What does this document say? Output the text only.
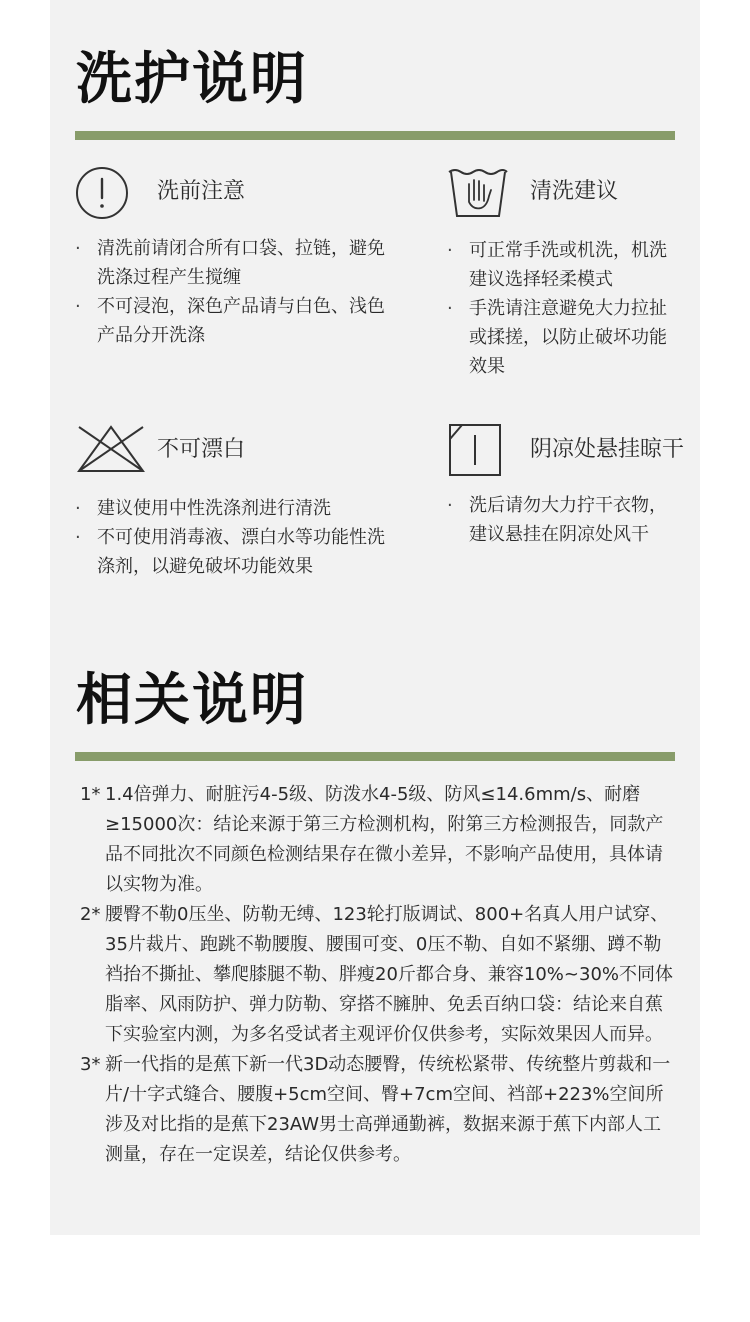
洗护说明
洗前注意
· 清洗前请闭合所有口袋、拉链，避免洗涤过程产生搅缠
· 不可浸泡，深色产品请与白色、浅色产品分开洗涤
清洗建议
· 可正常手洗或机洗，机洗建议选择轻柔模式
· 手洗请注意避免大力拉扯或揉搓，以防止破坏功能效果
不可漂白
· 建议使用中性洗涤剂进行清洗
· 不可使用消毒液、漂白水等功能性洗涤剂，以避免破坏功能效果
阴凉处悬挂晾干
· 洗后请勿大力拧干衣物，建议悬挂在阴凉处风干
相关说明
1* 1.4倍弹力、耐脏污4-5级、防泼水4-5级、防风≤14.6mm/s、耐磨≥15000次：结论来源于第三方检测机构，附第三方检测报告，同款产品不同批次不同颜色检测结果存在微小差异，不影响产品使用，具体请以实物为准。
2* 腰臀不勒0压坐、防勒无缚、123轮打版调试、800+名真人用户试穿、35片裁片、跑跳不勒腰腹、腰围可变、0压不勒、自如不紧绷、蹲不勒裆抬不撕扯、攀爬膝腿不勒、胖瘦20斤都合身、兼容10%~30%不同体脂率、风雨防护、弹力防勒、穿搭不臃肿、免丢百纳口袋：结论来自蕉下实验室内测，为多名受试者主观评价仅供参考，实际效果因人而异。
3* 新一代指的是蕉下新一代3D动态腰臀，传统松紧带、传统整片剪裁和一片/十字式缝合、腰腹+5cm空间、臀+7cm空间、裆部+223%空间所涉及对比指的是蕉下23AW男士高弹通勤裤，数据来源于蕉下内部人工测量，存在一定误差，结论仅供参考。
